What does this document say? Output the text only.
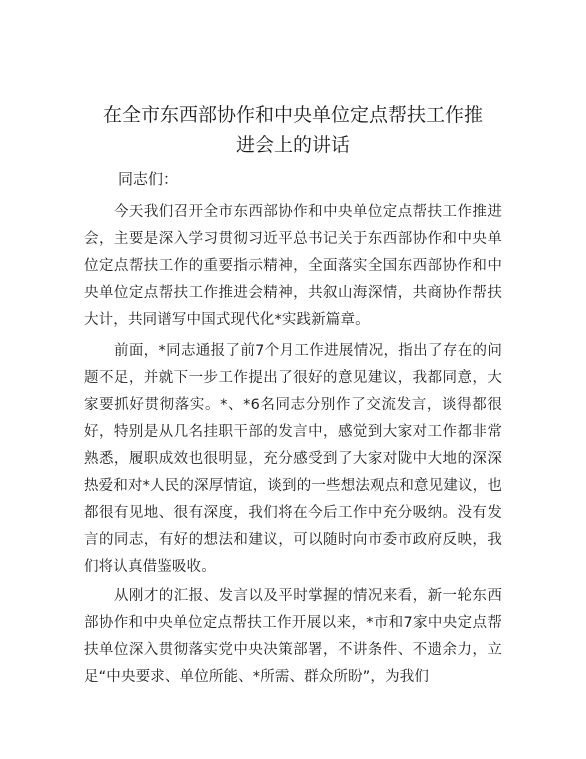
在全市东西部协作和中央单位定点帮扶工作推
进会上的讲话
同志们：

今天我们召开全市东西部协作和中央单位定点帮扶工作推进会，主要是深入学习贯彻习近平总书记关于东西部协作和中央单位定点帮扶工作的重要指示精神，全面落实全国东西部协作和中央单位定点帮扶工作推进会精神，共叙山海深情，共商协作帮扶大计，共同谱写中国式现代化*实践新篇章。

前面，*同志通报了前7个月工作进展情况，指出了存在的问题不足，并就下一步工作提出了很好的意见建议，我都同意，大家要抓好贯彻落实。*、*6名同志分别作了交流发言，谈得都很好，特别是从几名挂职干部的发言中，感觉到大家对工作都非常熟悉，履职成效也很明显，充分感受到了大家对陇中大地的深深热爱和对*人民的深厚情谊，谈到的一些想法观点和意见建议，也都很有见地、很有深度，我们将在今后工作中充分吸纳。没有发言的同志，有好的想法和建议，可以随时向市委市政府反映，我们将认真借鉴吸收。

从刚才的汇报、发言以及平时掌握的情况来看，新一轮东西部协作和中央单位定点帮扶工作开展以来，*市和7家中央定点帮扶单位深入贯彻落实党中央决策部署，不讲条件、不遗余力，立足“中央要求、单位所能、*所需、群众所盼”，为我们
